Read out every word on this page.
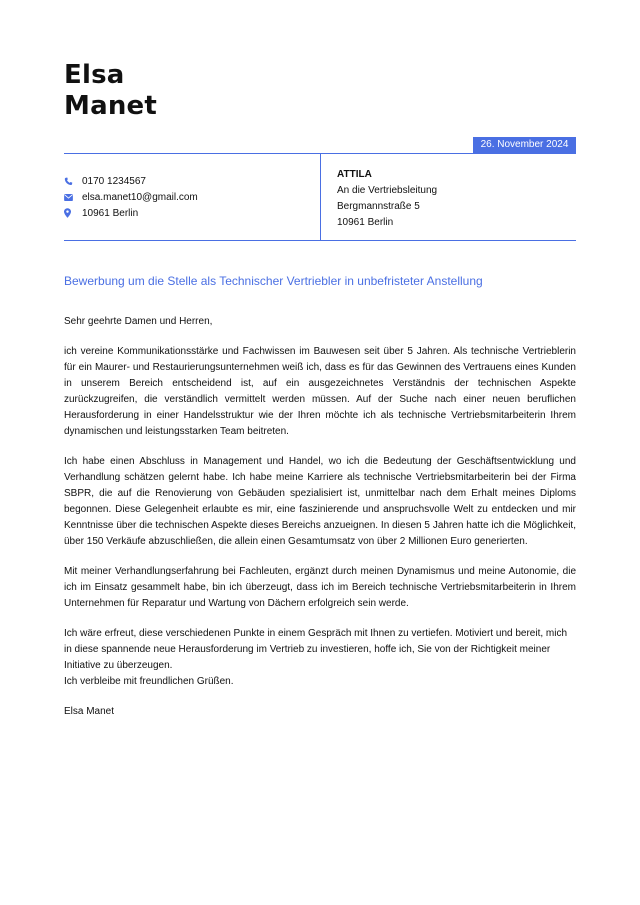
Elsa
Manet
26. November 2024
0170 1234567
elsa.manet10@gmail.com
10961 Berlin
ATTILA
An die Vertriebsleitung
Bergmannstraße 5
10961 Berlin
Bewerbung um die Stelle als Technischer Vertriebler in unbefristeter Anstellung

Sehr geehrte Damen und Herren,

ich vereine Kommunikationsstärke und Fachwissen im Bauwesen seit über 5 Jahren. Als technische Vertrieblerin für ein Maurer- und Restaurierungsunternehmen weiß ich, dass es für das Gewinnen des Vertrauens eines Kunden in unserem Bereich entscheidend ist, auf ein ausgezeichnetes Verständnis der technischen Aspekte zurückzugreifen, die verständlich vermittelt werden müssen. Auf der Suche nach einer neuen beruflichen Herausforderung in einer Handelsstruktur wie der Ihren möchte ich als technische Vertriebsmitarbeiterin Ihrem dynamischen und leistungsstarken Team beitreten.

Ich habe einen Abschluss in Management und Handel, wo ich die Bedeutung der Geschäftsentwicklung und Verhandlung schätzen gelernt habe. Ich habe meine Karriere als technische Vertriebsmitarbeiterin bei der Firma SBPR, die auf die Renovierung von Gebäuden spezialisiert ist, unmittelbar nach dem Erhalt meines Diploms begonnen. Diese Gelegenheit erlaubte es mir, eine faszinierende und anspruchsvolle Welt zu entdecken und mir Kenntnisse über die technischen Aspekte dieses Bereichs anzueignen. In diesen 5 Jahren hatte ich die Möglichkeit, über 150 Verkäufe abzuschließen, die allein einen Gesamtumsatz von über 2 Millionen Euro generierten.

Mit meiner Verhandlungserfahrung bei Fachleuten, ergänzt durch meinen Dynamismus und meine Autonomie, die ich im Einsatz gesammelt habe, bin ich überzeugt, dass ich im Bereich technische Vertriebsmitarbeiterin in Ihrem Unternehmen für Reparatur und Wartung von Dächern erfolgreich sein werde.

Ich wäre erfreut, diese verschiedenen Punkte in einem Gespräch mit Ihnen zu vertiefen. Motiviert und bereit, mich in diese spannende neue Herausforderung im Vertrieb zu investieren, hoffe ich, Sie von der Richtigkeit meiner Initiative zu überzeugen.

Ich verbleibe mit freundlichen Grüßen.

Elsa Manet
